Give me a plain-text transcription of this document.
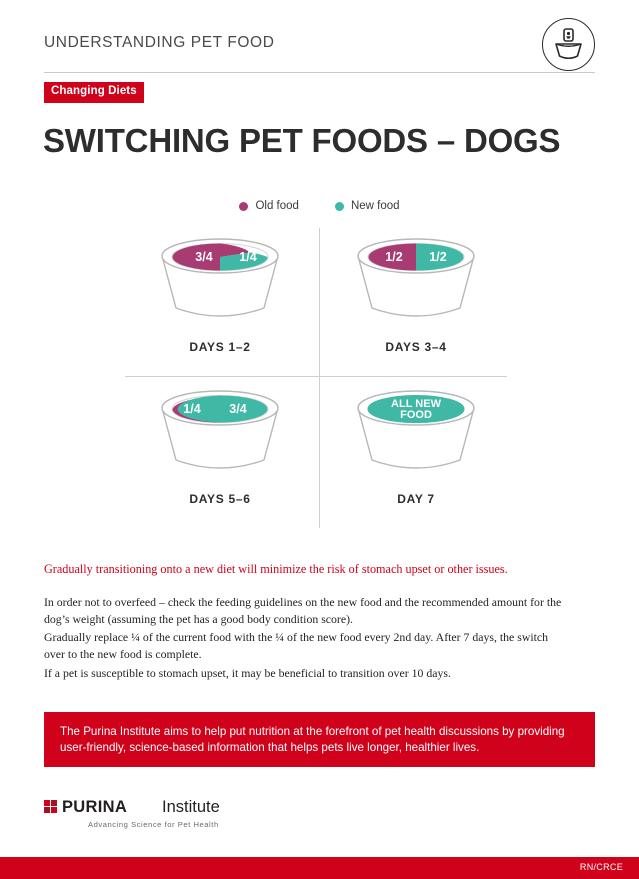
UNDERSTANDING PET FOOD
Changing Diets
SWITCHING PET FOODS – DOGS
Old food	New food
3/4 1/4
DAYS 1–2
1/2 1/2
DAYS 3–4
1/4 3/4
DAYS 5–6
ALL NEW
FOOD
DAY 7
Gradually transitioning onto a new diet will minimize the risk of stomach upset or other issues.
In order not to overfeed – check the feeding guidelines on the new food and the recommended amount for the dog’s weight (assuming the pet has a good body condition score).
Gradually replace ¼ of the current food with the ¼ of the new food every 2nd day. After 7 days, the switch over to the new food is complete.
If a pet is susceptible to stomach upset, it may be beneficial to transition over 10 days.
The Purina Institute aims to help put nutrition at the forefront of pet health discussions by providing user-friendly, science-based information that helps pets live longer, healthier lives.
PURINA Institute
Advancing Science for Pet Health
RN/CRCE
